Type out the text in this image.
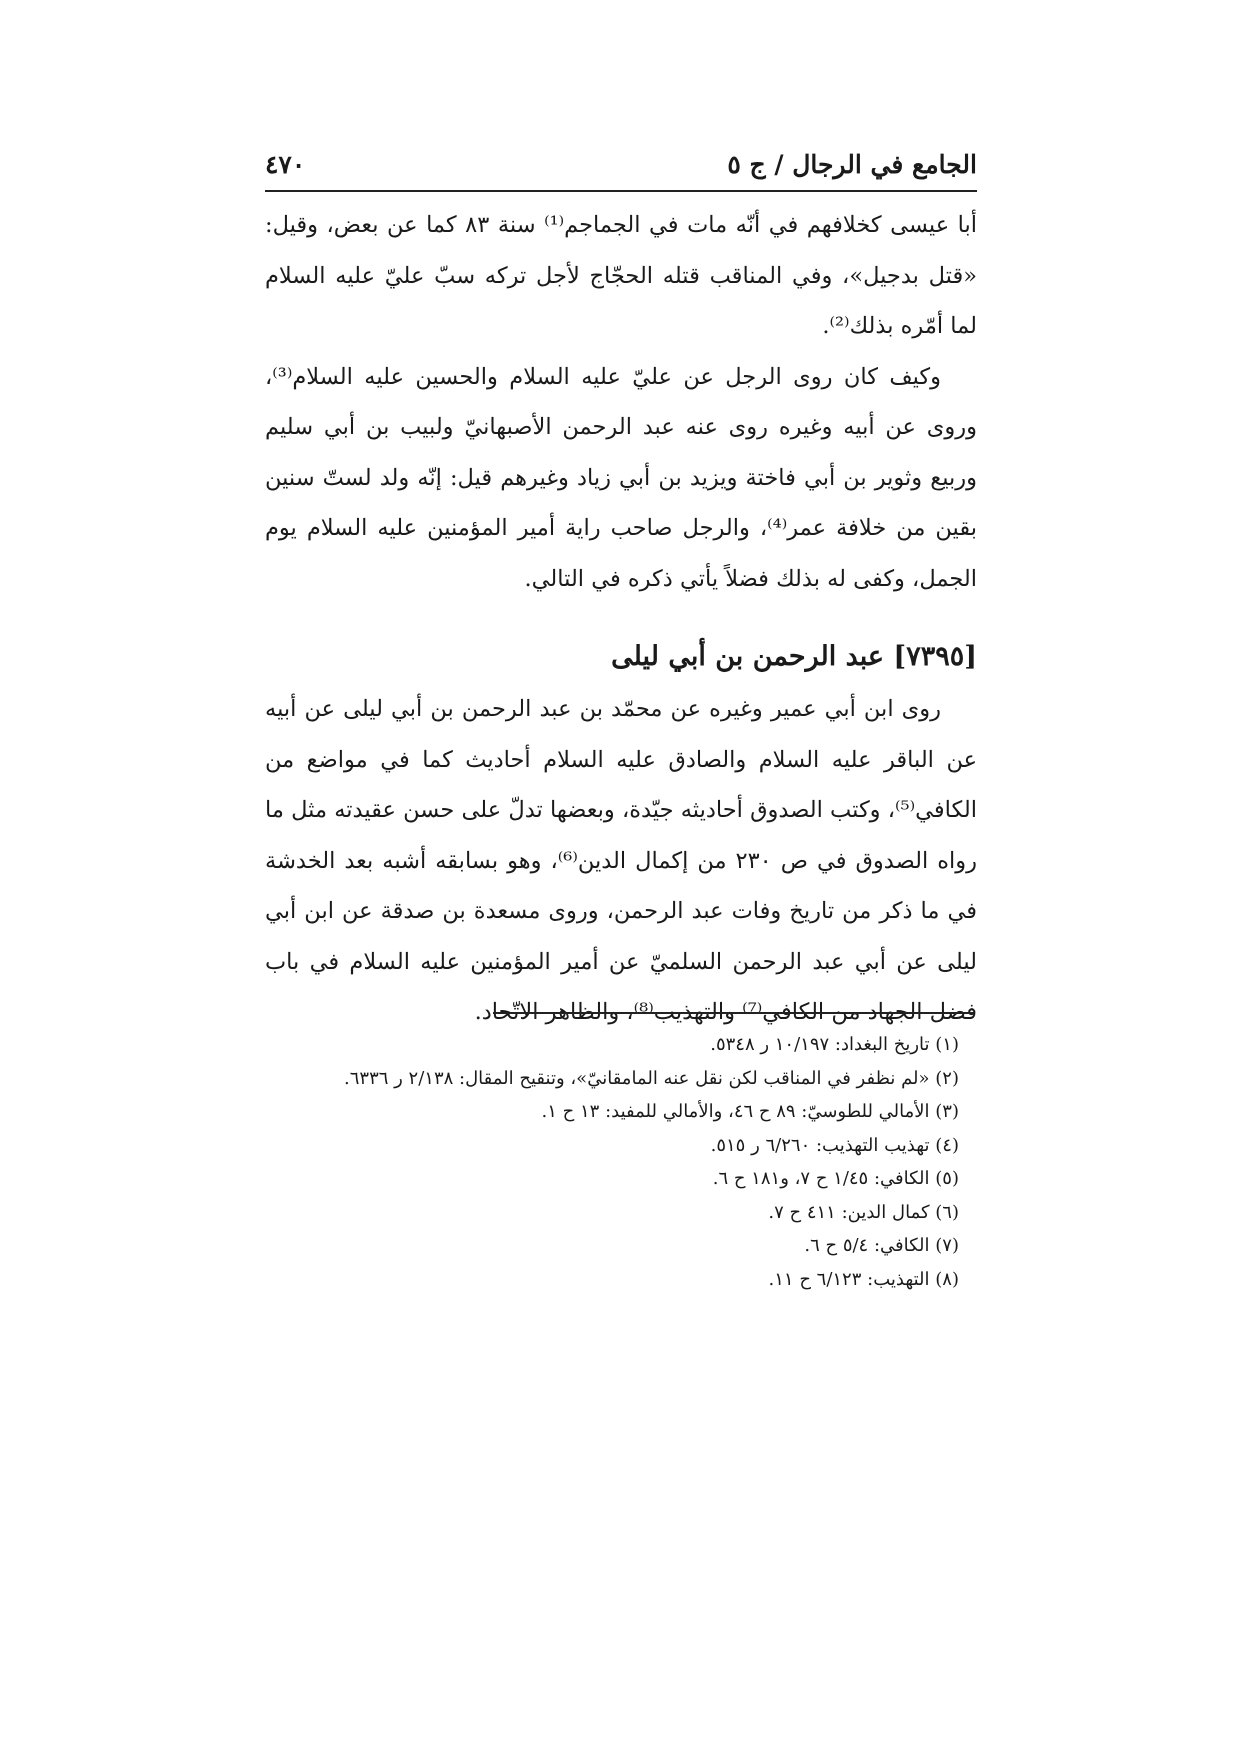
الجامع في الرجال / ج ٥
٤٧٠

أبا عيسى كخلافهم في أنّه مات في الجماجم⁽¹⁾ سنة ٨٣ كما عن بعض، وقيل: «قتل بدجيل»، وفي المناقب قتله الحجّاج لأجل تركه سبّ عليّ عليه السلام لما أمّره بذلك⁽²⁾.

وكيف كان روى الرجل عن عليّ عليه السلام والحسين عليه السلام⁽³⁾، وروى عن أبيه وغيره روى عنه عبد الرحمن الأصبهانيّ ولبيب بن أبي سليم وربيع وثوير بن أبي فاختة ويزيد بن أبي زياد وغيرهم قيل: إنّه ولد لستّ سنين بقين من خلافة عمر⁽⁴⁾، والرجل صاحب راية أمير المؤمنين عليه السلام يوم الجمل، وكفى له بذلك فضلاً يأتي ذكره في التالي.

[٧٣٩٥] عبد الرحمن بن أبي ليلى

روى ابن أبي عمير وغيره عن محمّد بن عبد الرحمن بن أبي ليلى عن أبيه عن الباقر عليه السلام والصادق عليه السلام أحاديث كما في مواضع من الكافي⁽⁵⁾، وكتب الصدوق أحاديثه جيّدة، وبعضها تدلّ على حسن عقيدته مثل ما رواه الصدوق في ص ٢٣٠ من إكمال الدين⁽⁶⁾، وهو بسابقه أشبه بعد الخدشة في ما ذكر من تاريخ وفات عبد الرحمن، وروى مسعدة بن صدقة عن ابن أبي ليلى عن أبي عبد الرحمن السلميّ عن أمير المؤمنين عليه السلام في باب فضل الجهاد من الكافي⁽⁷⁾ والتهذيب⁽⁸⁾، والظاهر الاتّحاد.

(١) تاريخ البغداد: ١٠/١٩٧ ر ٥٣٤٨.
(٢) «لم نظفر في المناقب لكن نقل عنه المامقانيّ»، وتنقيح المقال: ٢/١٣٨ ر ٦٣٣٦.
(٣) الأمالي للطوسيّ: ٨٩ ح ٤٦، والأمالي للمفيد: ١٣ ح ١.
(٤) تهذيب التهذيب: ٦/٢٦٠ ر ٥١٥.
(٥) الكافي: ١/٤٥ ح ٧، و١٨١ ح ٦.
(٦) كمال الدين: ٤١١ ح ٧.
(٧) الكافي: ٥/٤ ح ٦.
(٨) التهذيب: ٦/١٢٣ ح ١١.
